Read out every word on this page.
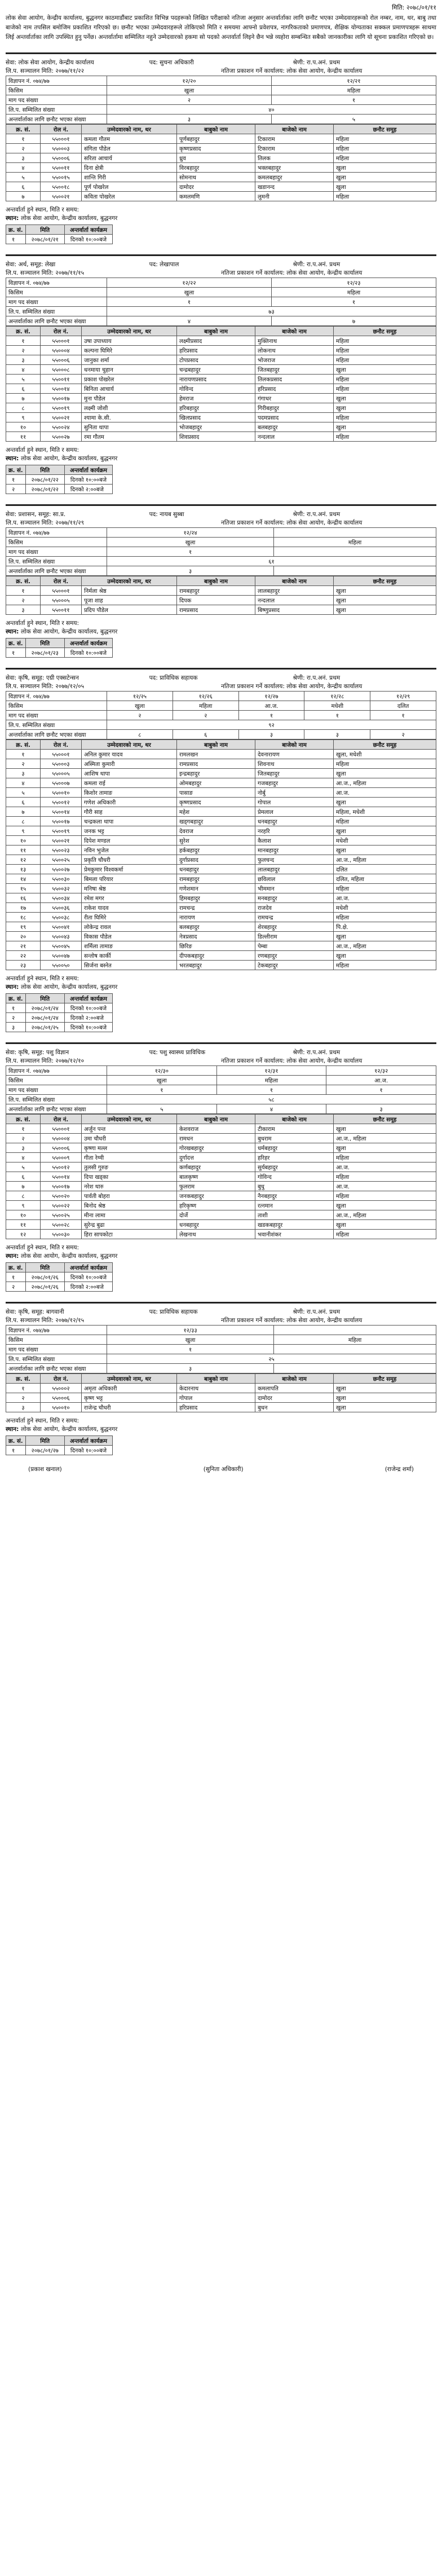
मिति: २०७८/०१/११
लोक सेवा आयोग, केन्द्रीय कार्यालय, बुद्धनगर काठमाडौंबाट प्रकाशित विभिन्न पदहरूको लिखित परीक्षाको नतिजा अनुसार अन्तर्वार्ताका लागि छनौट भएका उम्मेदवारहरूको रोल नम्बर, नाम, थर, बाबु तथा बाजेको नाम तपसिल बमोजिम प्रकाशित गरिएको छ। छनौट भएका उम्मेदवारहरूले तोकिएको मिति र समयमा आफ्नो प्रवेशपत्र, नागरिकताको प्रमाणपत्र, शैक्षिक योग्यताका सक्कल प्रमाणपत्रहरू साथमा लिई अन्तर्वार्ताका लागि उपस्थित हुनु पर्नेछ। अन्तर्वार्तामा सम्मिलित नहुने उम्मेदवारको हकमा सो पदको अन्तर्वार्ता लिइने छैन भन्ने व्यहोरा सम्बन्धित सबैको जानकारीका लागि यो सूचना प्रकाशित गरिएको छ।
सेवा: लोक सेवा आयोग, केन्द्रीय कार्यालय	पद: सुचना अधिकारी	श्रेणी: रा.प.अनं. प्रथम
लि.प. सञ्चालन मिति: २०७७/११/२२	नतिजा प्रकाशन गर्ने कार्यालय: लोक सेवा आयोग, केन्द्रीय कार्यालय
विज्ञापन नं. ०७४/७७	१२/२०	१२/२१
किसिम	खुला	महिला
माग पद संख्या	२	१
लि.प. सम्मिलित संख्या	४०	
अन्तर्वार्ताका लागि छनौट भएका संख्या	३	५
क्र. सं.	रोल नं.	उम्मेदवारको नाम, थर	बाबुको नाम	बाजेको नाम	छनौट समूह
१	५५०००१	कमला गौतम	पूर्णबहादुर	टिकाराम	महिला
२	५५०००३	संगिता पौडेल	कृष्णप्रसाद	टिकाराम	महिला
३	५५०००६	सरिता आचार्य	ध्रुव	तिलक	महिला
४	५५००११	दिना क्षेत्री	विरबहादुर	भक्तबहादुर	खुला
५	५५००१५	शान्ति गिरी	सोमनाथ	कमलबहादुर	खुला
६	५५००१८	पूर्ण पोखरेल	दामोदर	खडानन्द	खुला
७	५५००२१	कविता पोखरेल	कमलमणि	लुमनी	महिला
अन्तर्वार्ता हुने स्थान, मिति र समय:
स्थान: लोक सेवा आयोग, केन्द्रीय कार्यालय, बुद्धनगर
क्र. सं.	मिति	अन्तर्वार्ता कार्यक्रम
१	२०७८/०१/२१	दिनको १०:००बजे
सेवा: अर्थ, समूह: लेखा	पद: लेखापाल	श्रेणी: रा.प.अनं. प्रथम
लि.प. सञ्चालन मिति: २०७७/११/१५	नतिजा प्रकाशन गर्ने कार्यालय: लोक सेवा आयोग, केन्द्रीय कार्यालय
विज्ञापन नं. ०७४/७७	१२/२२	१२/२३
किसिम	खुला	महिला
माग पद संख्या	१	१
लि.प. सम्मिलित संख्या	७३	
अन्तर्वार्ताका लागि छनौट भएका संख्या	४	७
क्र. सं.	रोल नं.	उम्मेदवारको नाम, थर	बाबुको नाम	बाजेको नाम	छनौट समूह
१	५५०००१	उषा उपाध्याय	लक्ष्मीप्रसाद	मुक्तिनाथ	महिला
२	५५०००४	कल्पना घिमिरे	हरिप्रसाद	लोकनाथ	महिला
३	५५०००६	जानुका शर्मा	टोपप्रसाद	भोजराज	महिला
४	५५०००८	धनमाया चुहान	चन्द्रबहादुर	जितबहादुर	खुला
५	५५००११	प्रकाश पोखरेल	नारायणप्रसाद	तिलकप्रसाद	महिला
६	५५००१४	बिनिता आचार्य	गोविन्द	हरिप्रसाद	महिला
७	५५००१७	मुना पौडेल	हेमराज	गंगाधर	खुला
८	५५००१९	लक्ष्मी जोशी	हरिबहादुर	गिरीबहादुर	खुला
९	५५००२१	श्यामा के.सी.	खिलप्रसाद	पदमप्रसाद	महिला
१०	५५००२४	सुनिता थापा	भोजबहादुर	बलबहादुर	खुला
११	५५००२७	रमा गौतम	शिवप्रसाद	नन्दलाल	महिला
अन्तर्वार्ता हुने स्थान, मिति र समय:
स्थान: लोक सेवा आयोग, केन्द्रीय कार्यालय, बुद्धनगर
क्र. सं.	मिति	अन्तर्वार्ता कार्यक्रम
१	२०७८/०१/२२	दिनको १०:००बजे
२	२०७८/०१/२२	दिनको २:००बजे
सेवा: प्रशासन, समूह: सा.प्र.	पद: नायब सुब्बा	श्रेणी: रा.प.अनं. प्रथम
लि.प. सञ्चालन मिति: २०७७/११/२९	नतिजा प्रकाशन गर्ने कार्यालय: लोक सेवा आयोग, केन्द्रीय कार्यालय
विज्ञापन नं. ०७४/७७	१२/२४	
किसिम	खुला	महिला
माग पद संख्या	१	
लि.प. सम्मिलित संख्या	६१	
अन्तर्वार्ताका लागि छनौट भएका संख्या	३	
क्र. सं.	रोल नं.	उम्मेदवारको नाम, थर	बाबुको नाम	बाजेको नाम	छनौट समूह
१	५५०००१	निर्मला श्रेष्ठ	रामबहादुर	लालबहादुर	खुला
२	५५०००५	पूजा शाह	दिपक	नन्दलाल	खुला
३	५५००११	प्रदिप पौडेल	रामप्रसाद	बिष्णुप्रसाद	खुला
अन्तर्वार्ता हुने स्थान, मिति र समय:
स्थान: लोक सेवा आयोग, केन्द्रीय कार्यालय, बुद्धनगर
क्र. सं.	मिति	अन्तर्वार्ता कार्यक्रम
१	२०७८/०१/२३	दिनको १०:००बजे
सेवा: कृषि, समूह: एग्री एक्सटेन्सन	पद: प्राविधिक सहायक	श्रेणी: रा.प.अनं. प्रथम
लि.प. सञ्चालन मिति: २०७७/१२/०५	नतिजा प्रकाशन गर्ने कार्यालय: लोक सेवा आयोग, केन्द्रीय कार्यालय
विज्ञापन नं. ०७४/७७	१२/२५	१२/२६	१२/२७	१२/२८	१२/२९
किसिम	खुला	महिला	आ.ज.	मधेशी	दलित
माग पद संख्या	२	२	१	१	१
लि.प. सम्मिलित संख्या	९२				
अन्तर्वार्ताका लागि छनौट भएका संख्या	८	६	३	३	२
क्र. सं.	रोल नं.	उम्मेदवारको नाम, थर	बाबुको नाम	बाजेको नाम	छनौट समूह
१	५५०००१	अनिल कुमार यादव	रामलखन	देवनारायण	खुला, मधेशी
२	५५०००३	अस्मिता कुमारी	रामप्रसाद	शिवनाथ	महिला
३	५५०००५	आशिष थापा	इन्द्रबहादुर	जितबहादुर	खुला
४	५५०००७	कमला राई	ओमबहादुर	गजबहादुर	आ.ज., महिला
५	५५००१०	किशोर तामाङ	पासाङ	नोर्बु	आ.ज.
६	५५००१२	गणेश अधिकारी	कृष्णप्रसाद	गोपाल	खुला
७	५५००१४	गौरी साह	महेश	प्रेमलाल	महिला, मधेशी
८	५५००१७	चन्द्रकला थापा	खड्गबहादुर	धनबहादुर	महिला
९	५५००१९	जनक भट्ट	देवराज	नरहरि	खुला
१०	५५००२१	दिपेश मण्डल	सुरेश	कैलाश	मधेशी
११	५५००२३	नविन भुजेल	हर्कबहादुर	मानबहादुर	खुला
१२	५५००२५	प्रकृति चौधरी	दुर्गाप्रसाद	फुलचन्द	आ.ज., महिला
१३	५५००२७	प्रेमकुमार विश्वकर्मा	धनबहादुर	लालबहादुर	दलित
१४	५५००३०	बिमला परियार	रामबहादुर	छविलाल	दलित, महिला
१५	५५००३२	मनिषा श्रेष्ठ	गणेशमान	भीममान	महिला
१६	५५००३४	रमेश मगर	हिमबहादुर	मनबहादुर	आ.ज.
१७	५५००३६	राकेश यादव	रामचन्द्र	राजदेव	मधेशी
१८	५५००३८	रीता घिमिरे	नारायण	रामचन्द्र	महिला
१९	५५००४१	लोकेन्द्र रावल	बलबहादुर	शेरबहादुर	पि.क्षे.
२०	५५००४३	विकास पौडेल	नेत्रप्रसाद	डिल्लीराम	खुला
२१	५५००४५	शर्मिला तामाङ	छिरिङ	पेम्बा	आ.ज., महिला
२२	५५००४७	सन्तोष कार्की	दीपकबहादुर	रणबहादुर	खुला
२३	५५००५०	सिर्जना बस्नेत	भरतबहादुर	टेकबहादुर	महिला
अन्तर्वार्ता हुने स्थान, मिति र समय:
स्थान: लोक सेवा आयोग, केन्द्रीय कार्यालय, बुद्धनगर
क्र. सं.	मिति	अन्तर्वार्ता कार्यक्रम
१	२०७८/०१/२४	दिनको १०:००बजे
२	२०७८/०१/२४	दिनको २:००बजे
३	२०७८/०१/२५	दिनको १०:००बजे
सेवा: कृषि, समूह: पशु विज्ञान	पद: पशु स्वास्थ्य प्राविधिक	श्रेणी: रा.प.अनं. प्रथम
लि.प. सञ्चालन मिति: २०७७/१२/१०	नतिजा प्रकाशन गर्ने कार्यालय: लोक सेवा आयोग, केन्द्रीय कार्यालय
विज्ञापन नं. ०७४/७७	१२/३०	१२/३१	१२/३२
किसिम	खुला	महिला	आ.ज.
माग पद संख्या	१	१	१
लि.प. सम्मिलित संख्या	५८		
अन्तर्वार्ताका लागि छनौट भएका संख्या	५	४	३
क्र. सं.	रोल नं.	उम्मेदवारको नाम, थर	बाबुको नाम	बाजेको नाम	छनौट समूह
१	५५०००१	अर्जुन पन्त	केशवराज	टीकाराम	खुला
२	५५०००४	उमा चौधरी	रामधन	बुधराम	आ.ज., महिला
३	५५०००६	कृष्णा मल्ल	गोरखबहादुर	धर्मबहादुर	खुला
४	५५०००९	गीता रेग्मी	दुर्गादत्त	हरिहर	महिला
५	५५००१२	तुलसी गुरुङ	कर्णबहादुर	सुर्यबहादुर	आ.ज.
६	५५००१४	दिपा खड्का	बालकृष्ण	गोविन्द	महिला
७	५५००१७	नरेश थारु	फुलराम	बुधु	आ.ज.
८	५५००२०	पार्वती बोहरा	जनकबहादुर	नैनबहादुर	महिला
९	५५००२२	बिनोद श्रेष्ठ	हरिकृष्ण	रत्नमान	खुला
१०	५५००२५	मीना लामा	दोर्जे	ताशी	आ.ज., महिला
११	५५००२८	सुरेन्द्र बुढा	धनबहादुर	खडकबहादुर	खुला
१२	५५००३०	हिरा सापकोटा	लेखनाथ	भवानीशंकर	महिला
अन्तर्वार्ता हुने स्थान, मिति र समय:
स्थान: लोक सेवा आयोग, केन्द्रीय कार्यालय, बुद्धनगर
क्र. सं.	मिति	अन्तर्वार्ता कार्यक्रम
१	२०७८/०१/२६	दिनको १०:००बजे
२	२०७८/०१/२६	दिनको २:००बजे
सेवा: कृषि, समूह: बागवानी	पद: प्राविधिक सहायक	श्रेणी: रा.प.अनं. प्रथम
लि.प. सञ्चालन मिति: २०७७/१२/१५	नतिजा प्रकाशन गर्ने कार्यालय: लोक सेवा आयोग, केन्द्रीय कार्यालय
विज्ञापन नं. ०७४/७७	१२/३३	
किसिम	खुला	महिला
माग पद संख्या	१	
लि.प. सम्मिलित संख्या	२५	
अन्तर्वार्ताका लागि छनौट भएका संख्या	३	
क्र. सं.	रोल नं.	उम्मेदवारको नाम, थर	बाबुको नाम	बाजेको नाम	छनौट समूह
१	५५०००२	अमृता अधिकारी	केदारनाथ	कमलापति	खुला
२	५५०००६	कृष्ण भट्ट	गोपाल	दामोदर	खुला
३	५५००१०	राजेन्द्र चौधरी	हरिप्रसाद	बुधन	खुला
अन्तर्वार्ता हुने स्थान, मिति र समय:
स्थान: लोक सेवा आयोग, केन्द्रीय कार्यालय, बुद्धनगर
क्र. सं.	मिति	अन्तर्वार्ता कार्यक्रम
१	२०७८/०१/२७	दिनको १०:००बजे
(प्रकाश खनाल)	(सुनिता अधिकारी)	(राजेन्द्र शर्मा)
